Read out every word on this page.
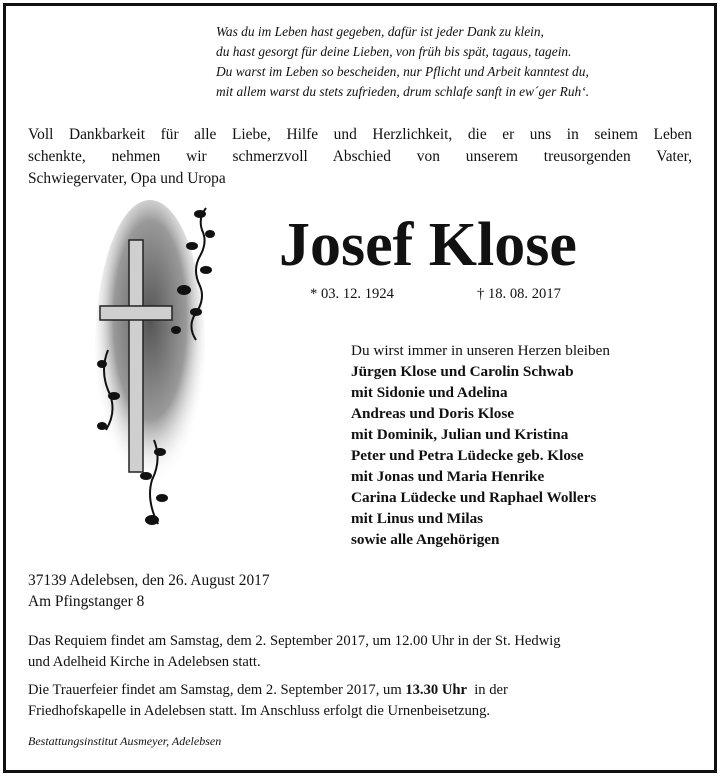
Was du im Leben hast gegeben, dafür ist jeder Dank zu klein,
du hast gesorgt für deine Lieben, von früh bis spät, tagaus, tagein.
Du warst im Leben so bescheiden, nur Pflicht und Arbeit kanntest du,
mit allem warst du stets zufrieden, drum schlafe sanft in ew´ger Ruh‘.
Voll Dankbarkeit für alle Liebe, Hilfe und Herzlichkeit, die er uns in seinem Leben
schenkte, nehmen wir schmerzvoll Abschied von unserem treusorgenden Vater,
Schwiegervater, Opa und Uropa
Josef Klose
* 03. 12. 1924	† 18. 08. 2017
Du wirst immer in unseren Herzen bleiben
Jürgen Klose und Carolin Schwab
mit Sidonie und Adelina
Andreas und Doris Klose
mit Dominik, Julian und Kristina
Peter und Petra Lüdecke geb. Klose
mit Jonas und Maria Henrike
Carina Lüdecke und Raphael Wollers
mit Linus und Milas
sowie alle Angehörigen
37139 Adelebsen, den 26. August 2017
Am Pfingstanger 8
Das Requiem findet am Samstag, dem 2. September 2017, um 12.00 Uhr in der St. Hedwig
und Adelheid Kirche in Adelebsen statt.
Die Trauerfeier findet am Samstag, dem 2. September 2017, um 13.30 Uhr  in der
Friedhofskapelle in Adelebsen statt. Im Anschluss erfolgt die Urnenbeisetzung.
Bestattungsinstitut Ausmeyer, Adelebsen
